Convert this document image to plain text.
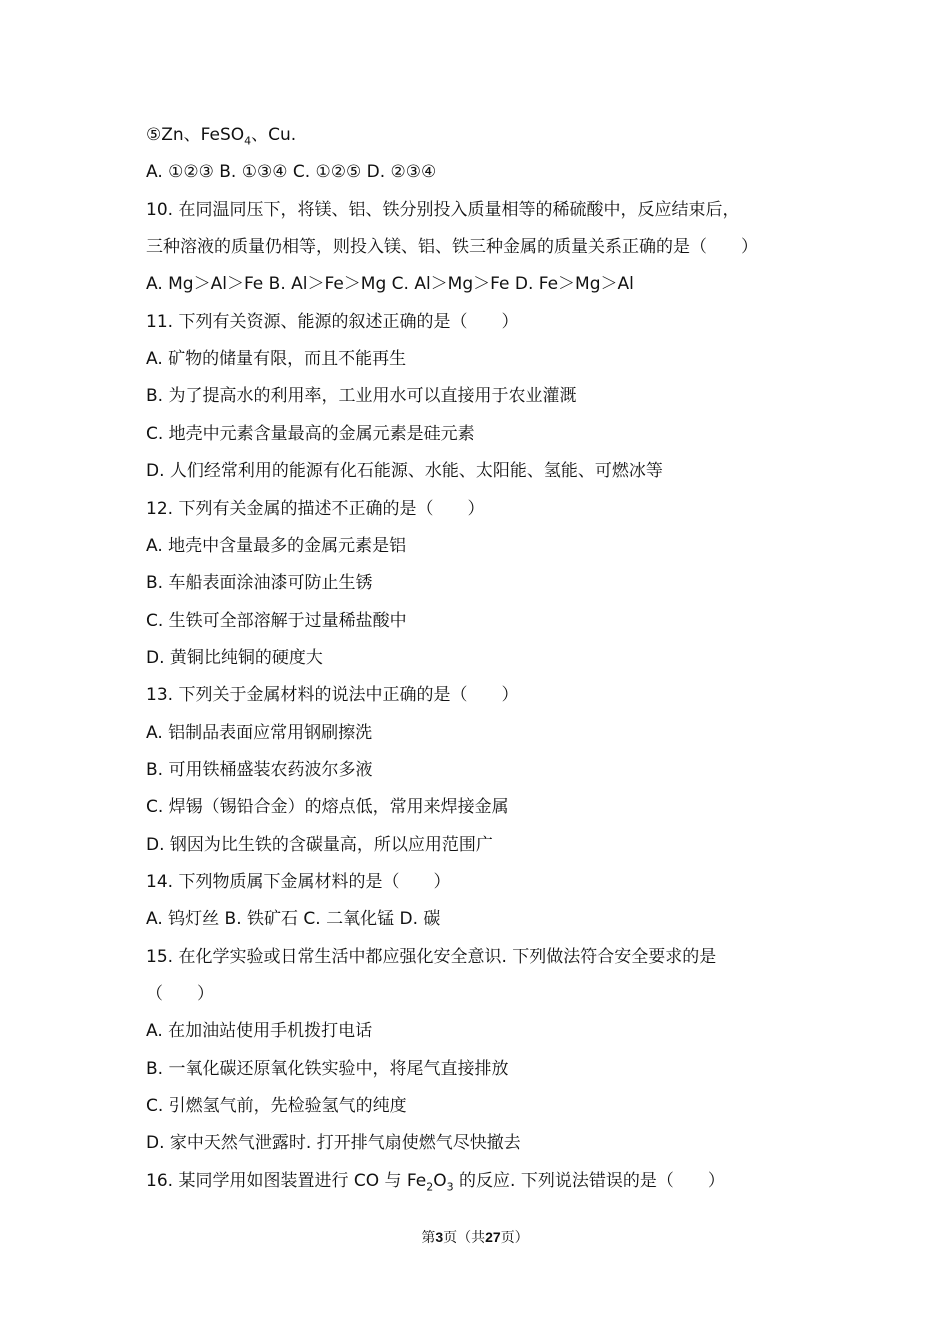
⑤Zn、FeSO$_4$、Cu.
A. ①②③ B. ①③④ C. ①②⑤ D. ②③④
10. 在同温同压下，将镁、铝、铁分别投入质量相等的稀硫酸中，反应结束后，
三种溶液的质量仍相等，则投入镁、铝、铁三种金属的质量关系正确的是（　　）
A. Mg＞Al＞Fe B. Al＞Fe＞Mg C. Al＞Mg＞Fe D. Fe＞Mg＞Al
11. 下列有关资源、能源的叙述正确的是（　　）
A. 矿物的储量有限，而且不能再生
B. 为了提高水的利用率，工业用水可以直接用于农业灌溉
C. 地壳中元素含量最高的金属元素是硅元素
D. 人们经常利用的能源有化石能源、水能、太阳能、氢能、可燃冰等
12. 下列有关金属的描述不正确的是（　　）
A. 地壳中含量最多的金属元素是铝
B. 车船表面涂油漆可防止生锈
C. 生铁可全部溶解于过量稀盐酸中
D. 黄铜比纯铜的硬度大
13. 下列关于金属材料的说法中正确的是（　　）
A. 铝制品表面应常用钢刷擦洗
B. 可用铁桶盛装农药波尔多液
C. 焊锡（锡铅合金）的熔点低，常用来焊接金属
D. 钢因为比生铁的含碳量高，所以应用范围广
14. 下列物质属下金属材料的是（　　）
A. 钨灯丝 B. 铁矿石 C. 二氧化锰 D. 碳
15. 在化学实验或日常生活中都应强化安全意识. 下列做法符合安全要求的是
（　　）
A. 在加油站使用手机拨打电话
B. 一氧化碳还原氧化铁实验中，将尾气直接排放
C. 引燃氢气前，先检验氢气的纯度
D. 家中天然气泄露时. 打开排气扇使燃气尽快撤去
16. 某同学用如图装置进行 CO 与 $Fe_2O_3$ 的反应. 下列说法错误的是（　　）
第3页（共27页）
